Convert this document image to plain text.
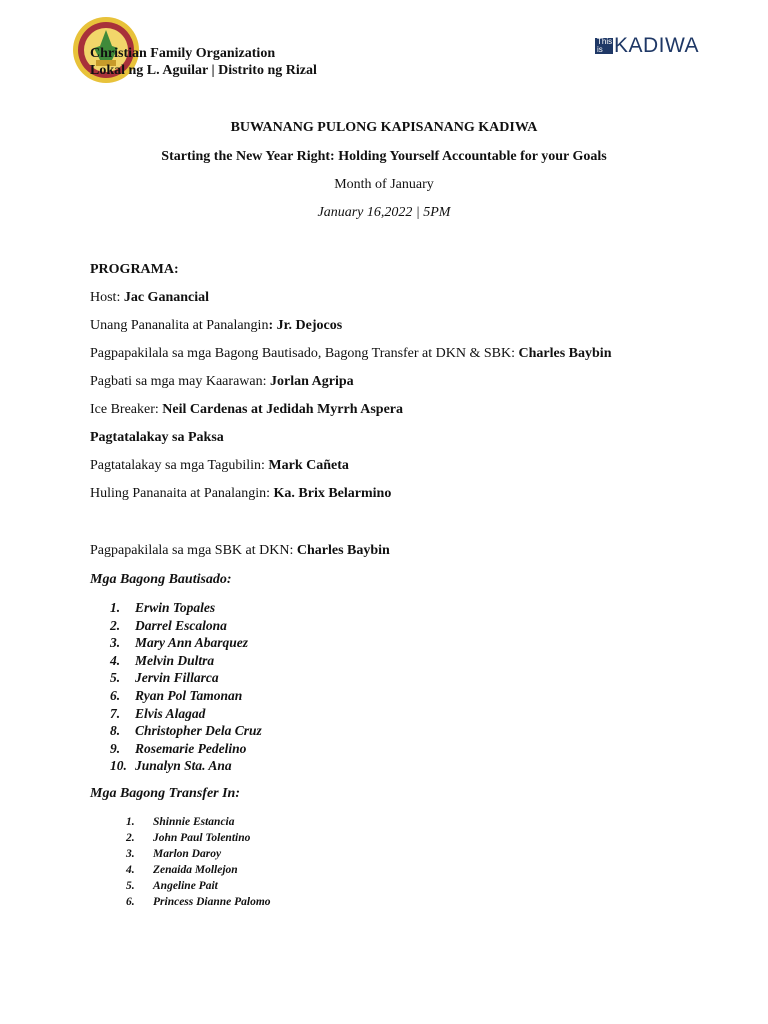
Christian Family Organization
Lokal ng L. Aguilar | Distrito ng Rizal
This is KADIWA
BUWANANG PULONG KAPISANANG KADIWA
Starting the New Year Right: Holding Yourself Accountable for your Goals
Month of January
January 16,2022 | 5PM
PROGRAMA:
Host: Jac Ganancial
Unang Pananalita at Panalangin: Jr. Dejocos
Pagpapakilala sa mga Bagong Bautisado, Bagong Transfer at DKN & SBK: Charles Baybin
Pagbati sa mga may Kaarawan: Jorlan Agripa
Ice Breaker: Neil Cardenas at Jedidah Myrrh Aspera
Pagtatalakay sa Paksa
Pagtatalakay sa mga Tagubilin: Mark Cañeta
Huling Pananaita at Panalangin: Ka. Brix Belarmino
Pagpapakilala sa mga SBK at DKN: Charles Baybin
Mga Bagong Bautisado:
1. Erwin Topales
2. Darrel Escalona
3. Mary Ann Abarquez
4. Melvin Dultra
5. Jervin Fillarca
6. Ryan Pol Tamonan
7. Elvis Alagad
8. Christopher Dela Cruz
9. Rosemarie Pedelino
10. Junalyn Sta. Ana
Mga Bagong Transfer In:
1. Shinnie Estancia
2. John Paul Tolentino
3. Marlon Daroy
4. Zenaida Mollejon
5. Angeline Pait
6. Princess Dianne Palomo
